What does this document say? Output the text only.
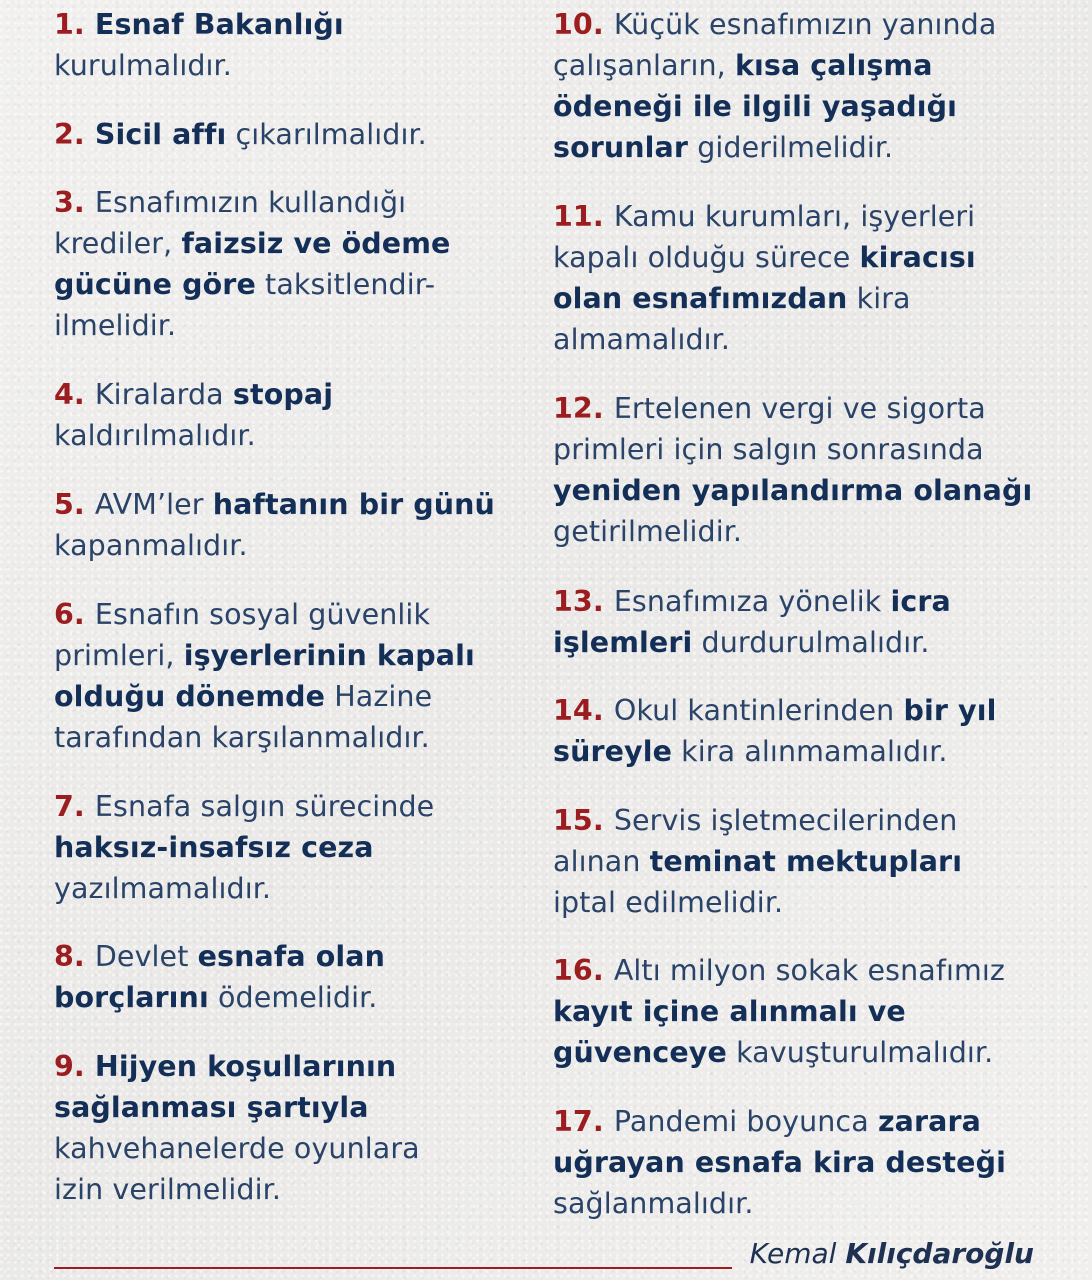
1. Esnaf Bakanlığı
kurulmalıdır.
2. Sicil affı çıkarılmalıdır.
3. Esnafımızın kullandığı
krediler, faizsiz ve ödeme
gücüne göre taksitlendir-
ilmelidir.
4. Kiralarda stopaj
kaldırılmalıdır.
5. AVM’ler haftanın bir günü
kapanmalıdır.
6. Esnafın sosyal güvenlik
primleri, işyerlerinin kapalı
olduğu dönemde Hazine
tarafından karşılanmalıdır.
7. Esnafa salgın sürecinde
haksız-insafsız ceza
yazılmamalıdır.
8. Devlet esnafa olan
borçlarını ödemelidir.
9. Hijyen koşullarının
sağlanması şartıyla
kahvehanelerde oyunlara
izin verilmelidir.
10. Küçük esnafımızın yanında
çalışanların, kısa çalışma
ödeneği ile ilgili yaşadığı
sorunlar giderilmelidir.
11. Kamu kurumları, işyerleri
kapalı olduğu sürece kiracısı
olan esnafımızdan kira
almamalıdır.
12. Ertelenen vergi ve sigorta
primleri için salgın sonrasında
yeniden yapılandırma olanağı
getirilmelidir.
13. Esnafımıza yönelik icra
işlemleri durdurulmalıdır.
14. Okul kantinlerinden bir yıl
süreyle kira alınmamalıdır.
15. Servis işletmecilerinden
alınan teminat mektupları
iptal edilmelidir.
16. Altı milyon sokak esnafımız
kayıt içine alınmalı ve
güvenceye kavuşturulmalıdır.
17. Pandemi boyunca zarara
uğrayan esnafa kira desteği
sağlanmalıdır.
Kemal Kılıçdaroğlu
